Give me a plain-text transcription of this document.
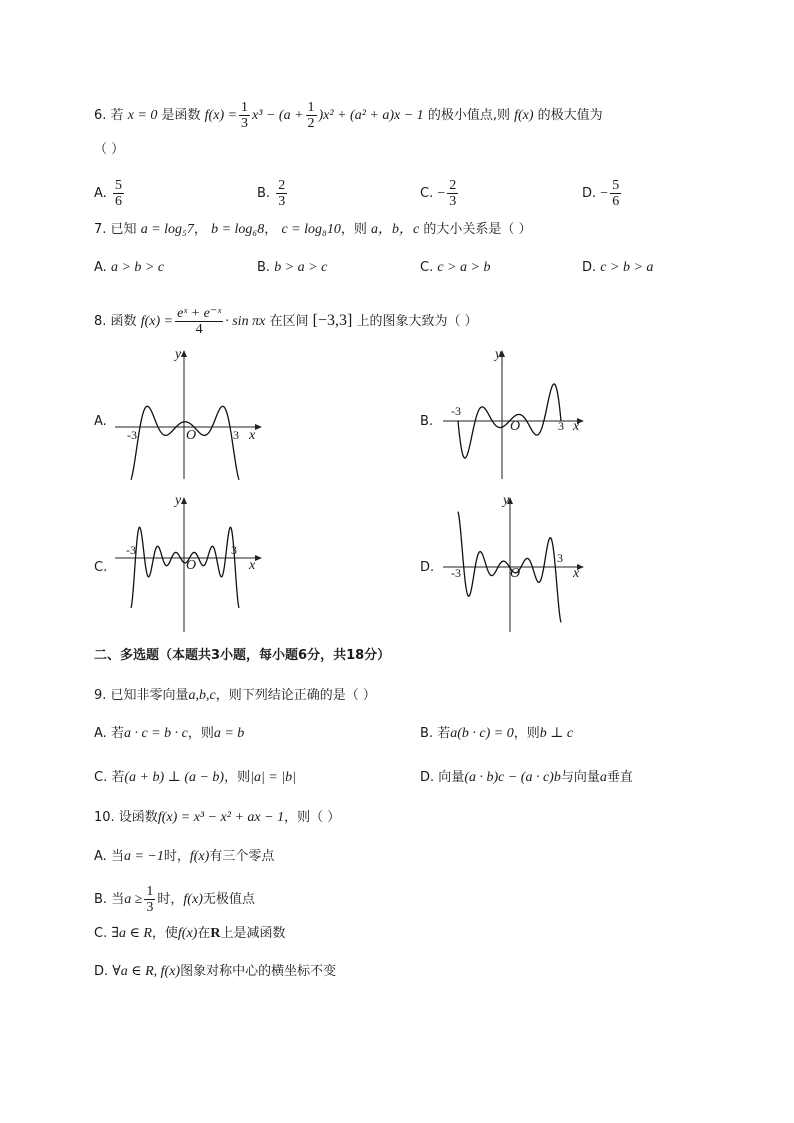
6. 若 x = 0 是函数 $f(x) = \frac{1}{3} x^3 - (a + \frac{1}{2} )x^2 + (a^2 + a)x - 1$ 的极小值点,则 f(x) 的极大值为
（ ）
A. $\frac{5}{6}$	B. $\frac{2}{3}$	C. − $\frac{2}{3}$	D. − $\frac{5}{6}$
7. 已知 a = log₅7， b = log₆8， c = log₈10，则 a，b，c 的大小关系是（ ）
A. a > b > c	B. b > a > c	C. c > a > b	D. c > b > a
8. 函数 $f(x) = \frac{\text{eˣ + e⁻ˣ}}{4} \cdot \sin \pi x$ 在区间 [−3,3] 上的图象大致为（ ）
A.
y
-3	3
O	x
B.
y
-3
3
O	x
C.
y
-3	3
O	x	D.
y
-3
3
O	x
二、多选题（本题共3小题，每小题6分，共18分）
9. 已知非零向量a,b,c，则下列结论正确的是（ ）
A. 若a · c = b · c，则a = b	B. 若a(b · c) = 0，则b ⊥ c
C. 若(a + b) ⊥ (a − b)，则|a| = |b|	D. 向量(a · b)c − (a · c)b与向量a垂直
10. 设函数f(x) = x³ − x² + ax − 1，则（ ）
A. 当a = −1时，f(x)有三个零点
B. 当$a \ge \frac{1}{3}$ 时，f(x)无极值点
C. ∃a ∈ R，使f(x)在R上是减函数
D. ∀a ∈ R, f(x)图象对称中心的横坐标不变
